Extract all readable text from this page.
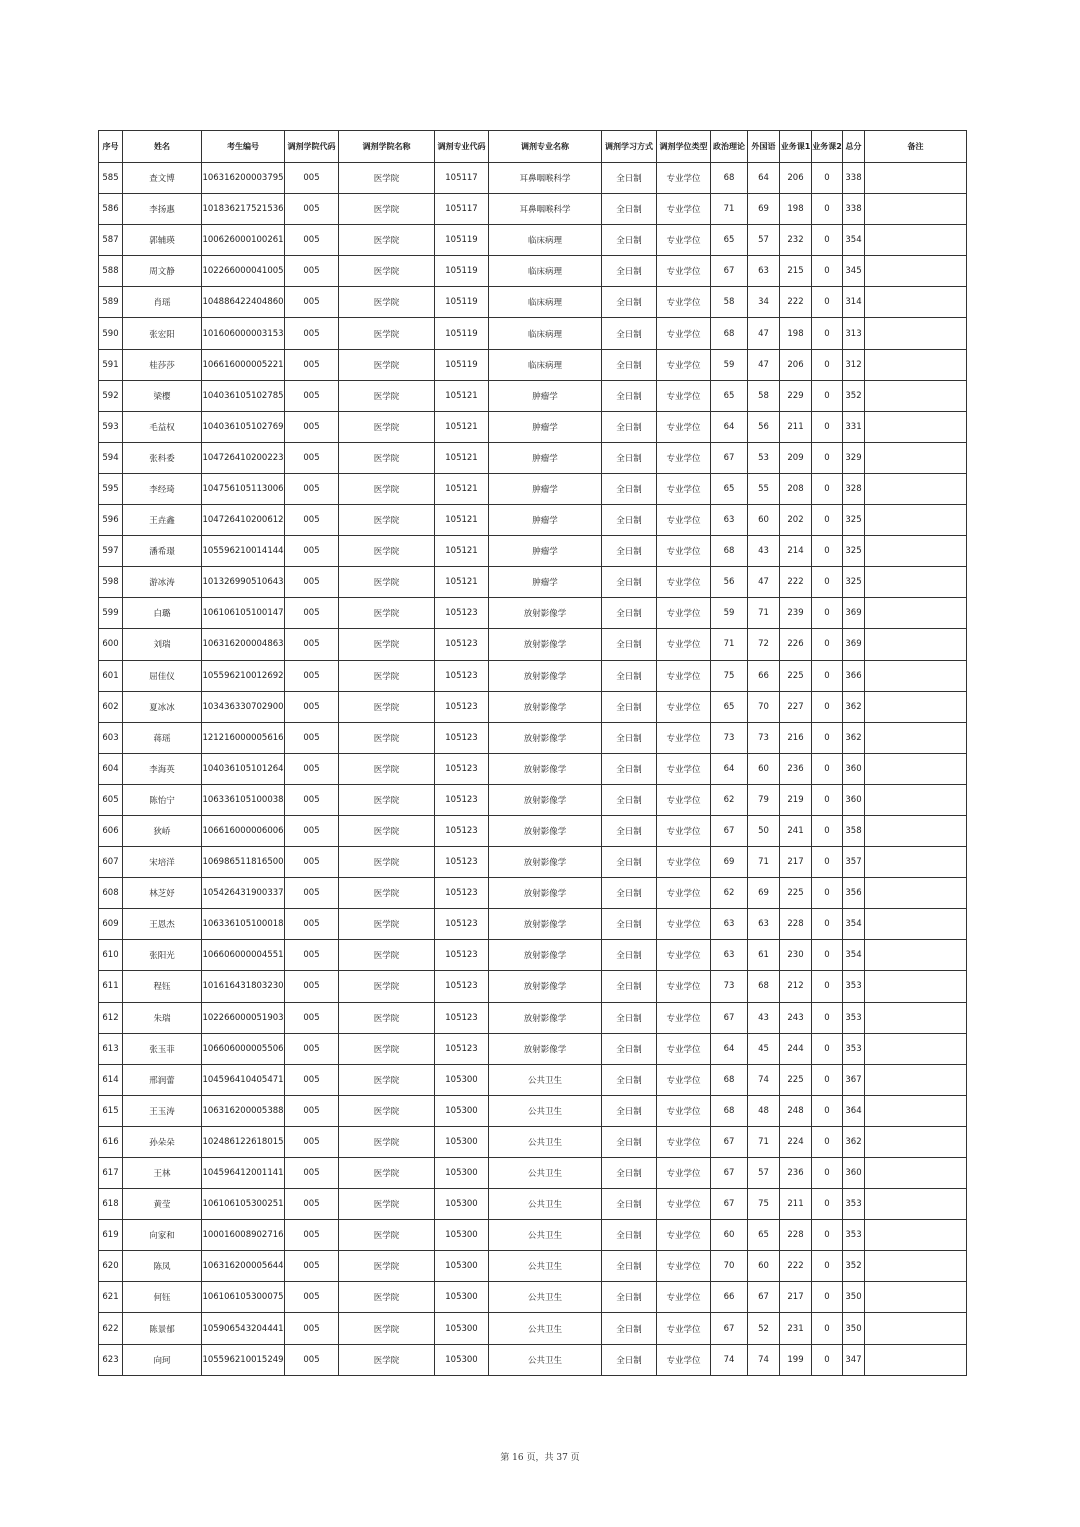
序号	姓名	考生编号	调剂学院代码	调剂学院名称	调剂专业代码	调剂专业名称	调剂学习方式	调剂学位类型	政治理论	外国语	业务课1	业务课2	总分	备注
585	查文博	106316200003795	005	医学院	105117	耳鼻咽喉科学	全日制	专业学位	68	64	206	0	338	
586	李扬惠	101836217521536	005	医学院	105117	耳鼻咽喉科学	全日制	专业学位	71	69	198	0	338	
587	郭辅瑛	100626000100261	005	医学院	105119	临床病理	全日制	专业学位	65	57	232	0	354	
588	周文静	102266000041005	005	医学院	105119	临床病理	全日制	专业学位	67	63	215	0	345	
589	肖瑶	104886422404860	005	医学院	105119	临床病理	全日制	专业学位	58	34	222	0	314	
590	张宏阳	101606000003153	005	医学院	105119	临床病理	全日制	专业学位	68	47	198	0	313	
591	桂莎莎	106616000005221	005	医学院	105119	临床病理	全日制	专业学位	59	47	206	0	312	
592	梁樱	104036105102785	005	医学院	105121	肿瘤学	全日制	专业学位	65	58	229	0	352	
593	毛益权	104036105102769	005	医学院	105121	肿瘤学	全日制	专业学位	64	56	211	0	331	
594	张科委	104726410200223	005	医学院	105121	肿瘤学	全日制	专业学位	67	53	209	0	329	
595	李经琦	104756105113006	005	医学院	105121	肿瘤学	全日制	专业学位	65	55	208	0	328	
596	王垚鑫	104726410200612	005	医学院	105121	肿瘤学	全日制	专业学位	63	60	202	0	325	
597	潘希璟	105596210014144	005	医学院	105121	肿瘤学	全日制	专业学位	68	43	214	0	325	
598	游冰涛	101326990510643	005	医学院	105121	肿瘤学	全日制	专业学位	56	47	222	0	325	
599	白璐	106106105100147	005	医学院	105123	放射影像学	全日制	专业学位	59	71	239	0	369	
600	刘瑞	106316200004863	005	医学院	105123	放射影像学	全日制	专业学位	71	72	226	0	369	
601	屈佳仪	105596210012692	005	医学院	105123	放射影像学	全日制	专业学位	75	66	225	0	366	
602	夏冰冰	103436330702900	005	医学院	105123	放射影像学	全日制	专业学位	65	70	227	0	362	
603	蒋瑶	121216000005616	005	医学院	105123	放射影像学	全日制	专业学位	73	73	216	0	362	
604	李海英	104036105101264	005	医学院	105123	放射影像学	全日制	专业学位	64	60	236	0	360	
605	陈怡宁	106336105100038	005	医学院	105123	放射影像学	全日制	专业学位	62	79	219	0	360	
606	狄峤	106616000006006	005	医学院	105123	放射影像学	全日制	专业学位	67	50	241	0	358	
607	宋培洋	106986511816500	005	医学院	105123	放射影像学	全日制	专业学位	69	71	217	0	357	
608	林芝妤	105426431900337	005	医学院	105123	放射影像学	全日制	专业学位	62	69	225	0	356	
609	王恩杰	106336105100018	005	医学院	105123	放射影像学	全日制	专业学位	63	63	228	0	354	
610	张阳光	106606000004551	005	医学院	105123	放射影像学	全日制	专业学位	63	61	230	0	354	
611	程钰	101616431803230	005	医学院	105123	放射影像学	全日制	专业学位	73	68	212	0	353	
612	朱瑞	102266000051903	005	医学院	105123	放射影像学	全日制	专业学位	67	43	243	0	353	
613	张玉菲	106606000005506	005	医学院	105123	放射影像学	全日制	专业学位	64	45	244	0	353	
614	邢润蕾	104596410405471	005	医学院	105300	公共卫生	全日制	专业学位	68	74	225	0	367	
615	王玉涛	106316200005388	005	医学院	105300	公共卫生	全日制	专业学位	68	48	248	0	364	
616	孙朵朵	102486122618015	005	医学院	105300	公共卫生	全日制	专业学位	67	71	224	0	362	
617	王林	104596412001141	005	医学院	105300	公共卫生	全日制	专业学位	67	57	236	0	360	
618	黄莹	106106105300251	005	医学院	105300	公共卫生	全日制	专业学位	67	75	211	0	353	
619	向家和	100016008902716	005	医学院	105300	公共卫生	全日制	专业学位	60	65	228	0	353	
620	陈凤	106316200005644	005	医学院	105300	公共卫生	全日制	专业学位	70	60	222	0	352	
621	何钰	106106105300075	005	医学院	105300	公共卫生	全日制	专业学位	66	67	217	0	350	
622	陈景郁	105906543204441	005	医学院	105300	公共卫生	全日制	专业学位	67	52	231	0	350	
623	向珂	105596210015249	005	医学院	105300	公共卫生	全日制	专业学位	74	74	199	0	347	
第 16 页，共 37 页
